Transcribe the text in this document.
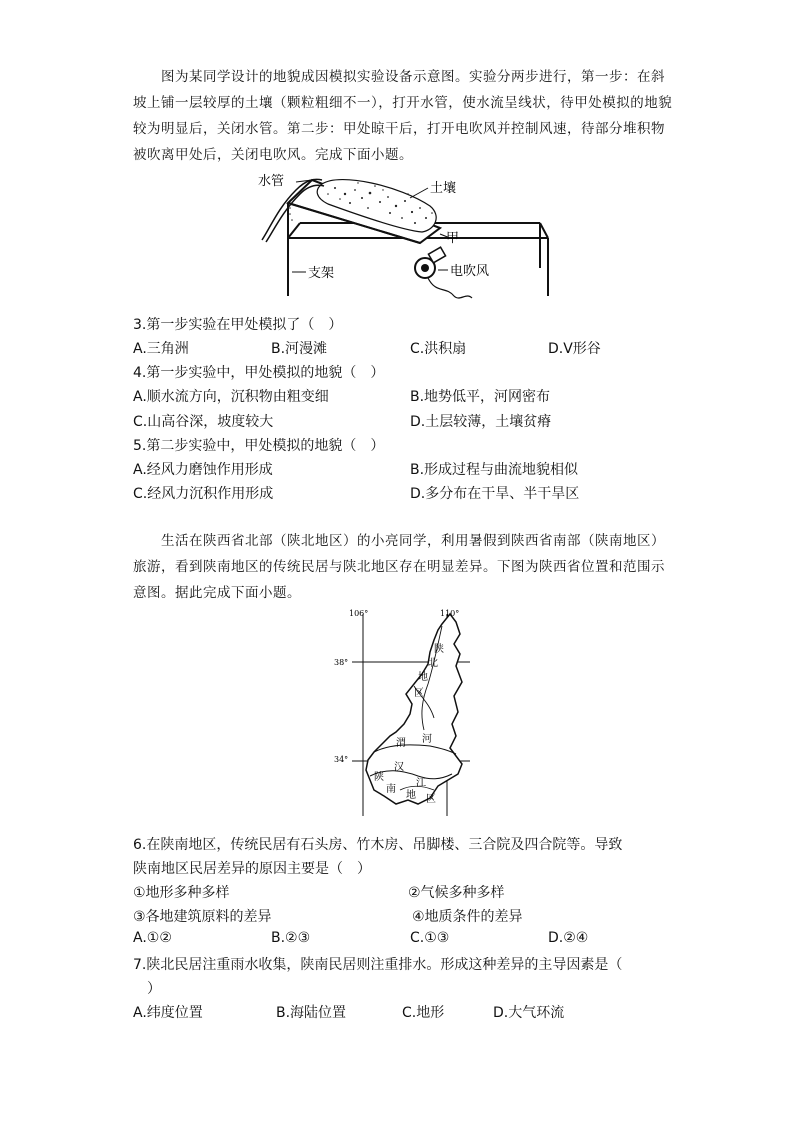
图为某同学设计的地貌成因模拟实验设备示意图。实验分两步进行，第一步：在斜坡上铺一层较厚的土壤（颗粒粗细不一），打开水管，使水流呈线状，待甲处模拟的地貌较为明显后，关闭水管。第二步：甲处晾干后，打开电吹风并控制风速，待部分堆积物被吹离甲处后，关闭电吹风。完成下面小题。
水管	土壤
甲
支架	电吹风
3.第一步实验在甲处模拟了（　）
A.三角洲	B.河漫滩	C.洪积扇	D.V形谷
4.第一步实验中，甲处模拟的地貌（　）
A.顺水流方向，沉积物由粗变细	B.地势低平，河网密布
C.山高谷深，坡度较大	D.土层较薄，土壤贫瘠
5.第二步实验中，甲处模拟的地貌（　）
A.经风力磨蚀作用形成	B.形成过程与曲流地貌相似
C.经风力沉积作用形成	D.多分布在干旱、半干旱区
生活在陕西省北部（陕北地区）的小亮同学，利用暑假到陕西省南部（陕南地区）旅游，看到陕南地区的传统民居与陕北地区存在明显差异。下图为陕西省位置和范围示意图。据此完成下面小题。
106°	110°
38°
34°
陕
北
地
区
渭 河
汉
江
陕
南
地 区
6.在陕南地区，传统民居有石头房、竹木房、吊脚楼、三合院及四合院等。导致
陕南地区民居差异的原因主要是（　）
①地形多种多样	②气候多种多样
③各地建筑原料的差异	④地质条件的差异
A.①②	B.②③	C.①③	D.②④
7.陕北民居注重雨水收集，陕南民居则注重排水。形成这种差异的主导因素是（
）
A.纬度位置	B.海陆位置	C.地形	D.大气环流
